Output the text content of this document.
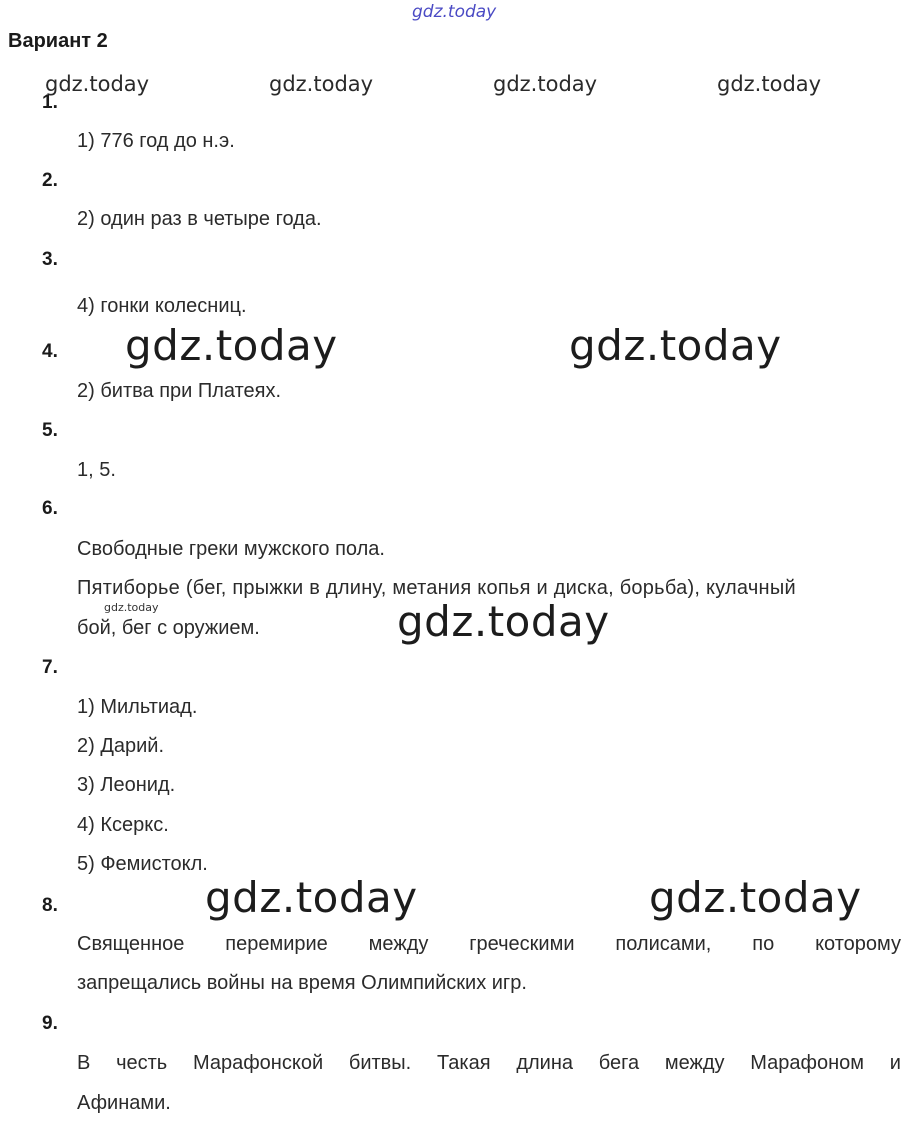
gdz.today
Вариант 2
gdz.today	gdz.today	gdz.today	gdz.today
1.
1) 776 год до н.э.
2.
2) один раз в четыре года.
3.
4) гонки колесниц.
4. gdz.today	gdz.today
2) битва при Платеях.
5.
1, 5.
6.
Свободные греки мужского пола.
Пятиборье (бег, прыжки в длину, метания копья и диска, борьба), кулачный
gdz.today
бой, бег с оружием.	gdz.today
7.
1) Мильтиад.
2) Дарий.
3) Леонид.
4) Ксеркс.
5) Фемистокл.
8.	gdz.today	gdz.today
Священное перемирие между греческими полисами, по которому
запрещались войны на время Олимпийских игр.
9.
В честь Марафонской битвы. Такая длина бега между Марафоном и
Афинами.
